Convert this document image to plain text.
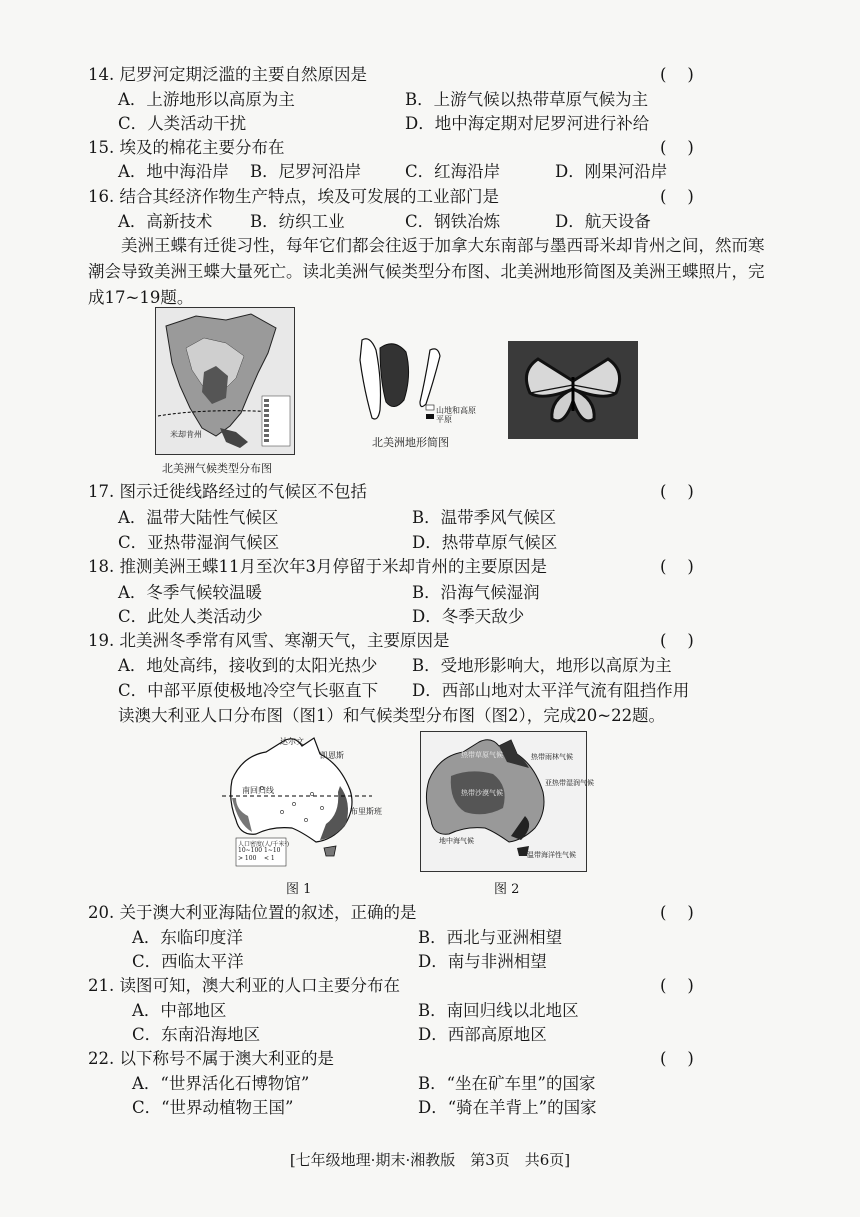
14. 尼罗河定期泛滥的主要自然原因是	(    )
A．上游地形以高原为主	B．上游气候以热带草原气候为主
C．人类活动干扰	D．地中海定期对尼罗河进行补给
15. 埃及的棉花主要分布在	(    )
A．地中海沿岸 B．尼罗河沿岸	C．红海沿岸	D．刚果河沿岸
16. 结合其经济作物生产特点，埃及可发展的工业部门是	(    )
A．高新技术 B．纺织工业	C．钢铁冶炼	D．航天设备
美洲王蝶有迁徙习性，每年它们都会往返于加拿大东南部与墨西哥米却肯州之间，然而寒潮会导致美洲王蝶大量死亡。读北美洲气候类型分布图、北美洲地形简图及美洲王蝶照片，完成17~19题。
米却肯州
北美洲气候类型分布图
山地和高原
平原
北美洲地形简图
17. 图示迁徙线路经过的气候区不包括	(    )
A．温带大陆性气候区	B．温带季风气候区
C．亚热带湿润气候区	D．热带草原气候区
18. 推测美洲王蝶11月至次年3月停留于米却肯州的主要原因是	(    )
A．冬季气候较温暖	B．沿海气候湿润
C．此处人类活动少	D．冬季天敌少
19. 北美洲冬季常有风雪、寒潮天气，主要原因是	(    )
A．地处高纬，接收到的太阳光热少 B．受地形影响大，地形以高原为主
C．中部平原使极地冷空气长驱直下 D．西部山地对太平洋气流有阻挡作用
读澳大利亚人口分布图（图1）和气候类型分布图（图2），完成20~22题。
达尔文
凯恩斯
南回归线
布里斯班
人口密度(人/千米²)
10~100 1~10
> 100 < 1
图 1
热带雨林气候
亚热带湿润气候
地中海气候
温带海洋性气候
热带沙漠气候
热带草原气候
图 2
20. 关于澳大利亚海陆位置的叙述，正确的是	(    )
A．东临印度洋	B．西北与亚洲相望
C．西临太平洋	D．南与非洲相望
21. 读图可知，澳大利亚的人口主要分布在	(    )
A．中部地区	B．南回归线以北地区
C．东南沿海地区	D．西部高原地区
22. 以下称号不属于澳大利亚的是	(    )
A．“世界活化石博物馆”	B．“坐在矿车里”的国家
C．“世界动植物王国”	D．“骑在羊背上”的国家
[七年级地理·期末·湘教版　第3页　共6页]
